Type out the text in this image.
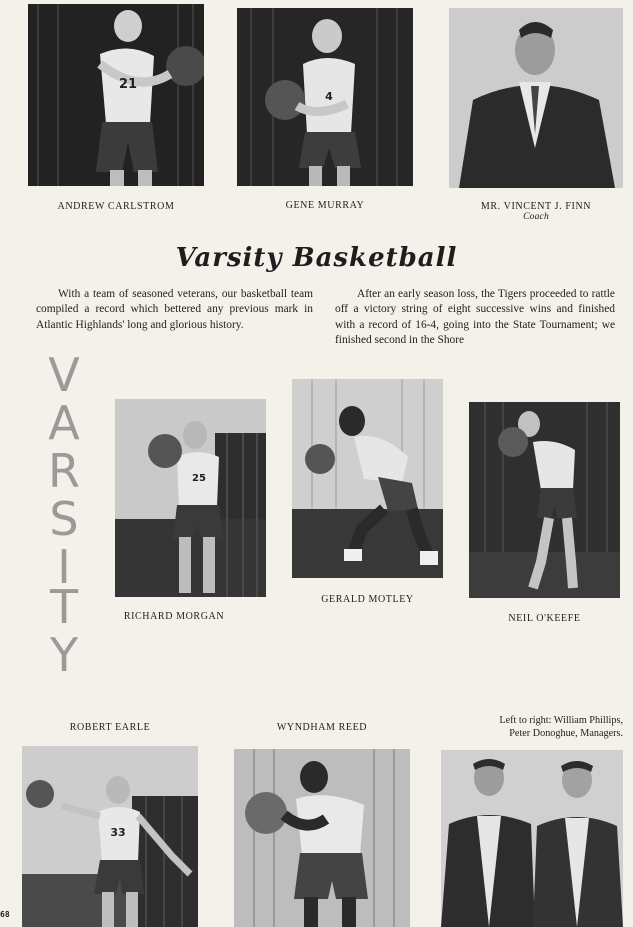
21
4
ANDREW CARLSTROM	GENE MURRAY	MR. VINCENT J. FINN
Coach
Varsity Basketball
With a team of seasoned veterans, our basketball team compiled a record which bettered any previous mark in Atlantic Highlands' long and glorious history.
After an early season loss, the Tigers proceeded to rattle off a victory string of eight successive wins and finished with a record of 16-4, going into the State Tournament; we finished second in the Shore
V
A
R
S
I
T
Y
25
RICHARD MORGAN
GERALD MOTLEY
NEIL O'KEEFE
ROBERT EARLE	WYNDHAM REED
Left to right: William Phillips,
Peter Donoghue, Managers.
33
68
